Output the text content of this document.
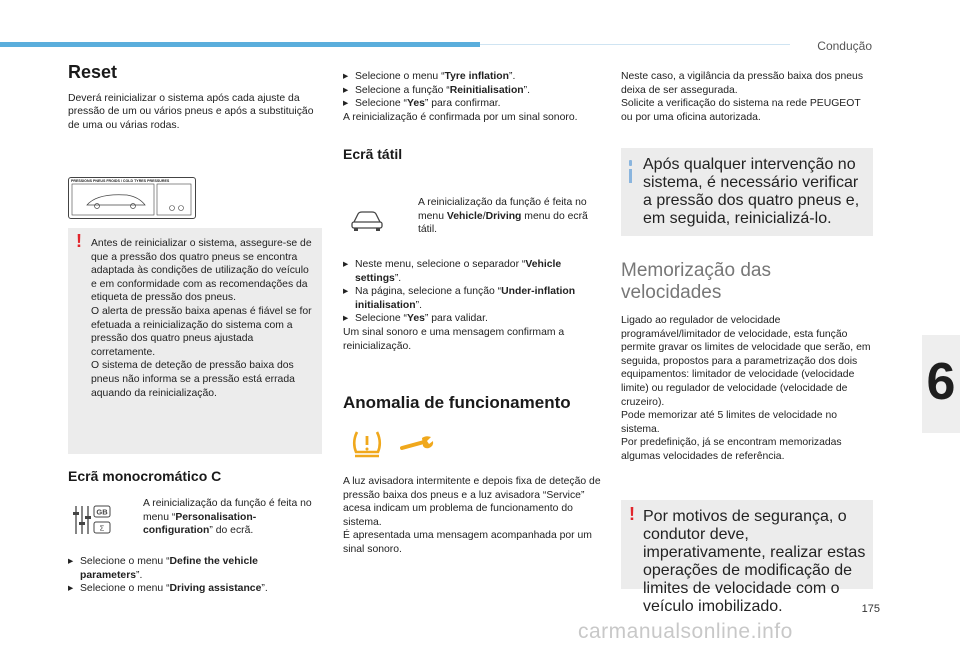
Condução
6
175
carmanualsonline.info
Reset

Deverá reinicializar o sistema após cada ajuste da pressão de um ou vários pneus e após a substituição de uma ou várias rodas.

PRESSIONS PNEUS FROIDS / COLD TYRES PRESSURES
! Antes de reinicializar o sistema, assegure-se de que a pressão dos quatro pneus se encontra adaptada às condições de utilização do veículo e em conformidade com as recomendações da etiqueta de pressão dos pneus.

O alerta de pressão baixa apenas é fiável se for efetuada a reinicialização do sistema com a pressão dos quatro pneus ajustada corretamente.

O sistema de deteção de pressão baixa dos pneus não informa se a pressão está errada aquando da reinicialização.

Ecrã monocromático C
GB
Σ
A reinicialização da função é feita no menu “Personalisation-configuration” do ecrã.
▸ Selecione o menu “Define the vehicle parameters”.
▸ Selecione o menu “Driving assistance”.
▸ Selecione o menu “Tyre inflation”.
▸ Selecione a função “Reinitialisation”.
▸ Selecione “Yes” para confirmar.

A reinicialização é confirmada por um sinal sonoro.

Ecrã tátil
A reinicialização da função é feita no menu Vehicle/Driving menu do ecrã tátil.
▸ Neste menu, selecione o separador “Vehicle settings”.
▸ Na página, selecione a função “Under-inflation initialisation”.
▸ Selecione “Yes” para validar.

Um sinal sonoro e uma mensagem confirmam a reinicialização.

Anomalia de funcionamento

A luz avisadora intermitente e depois fixa de deteção de pressão baixa dos pneus e a luz avisadora “Service” acesa indicam um problema de funcionamento do sistema.

É apresentada uma mensagem acompanhada por um sinal sonoro.

Neste caso, a vigilância da pressão baixa dos pneus deixa de ser assegurada.

Solicite a verificação do sistema na rede PEUGEOT ou por uma oficina autorizada.

Após qualquer intervenção no sistema, é necessário verificar a pressão dos quatro pneus e, em seguida, reinicializá-lo.

Memorização das velocidades

Ligado ao regulador de velocidade programável/limitador de velocidade, esta função permite gravar os limites de velocidade que serão, em seguida, propostos para a parametrização dos dois equipamentos: limitador de velocidade (velocidade limite) ou regulador de velocidade (velocidade de cruzeiro).

Pode memorizar até 5 limites de velocidade no sistema.

Por predefinição, já se encontram memorizadas algumas velocidades de referência.

! Por motivos de segurança, o condutor deve, imperativamente, realizar estas operações de modificação de limites de velocidade com o veículo imobilizado.
